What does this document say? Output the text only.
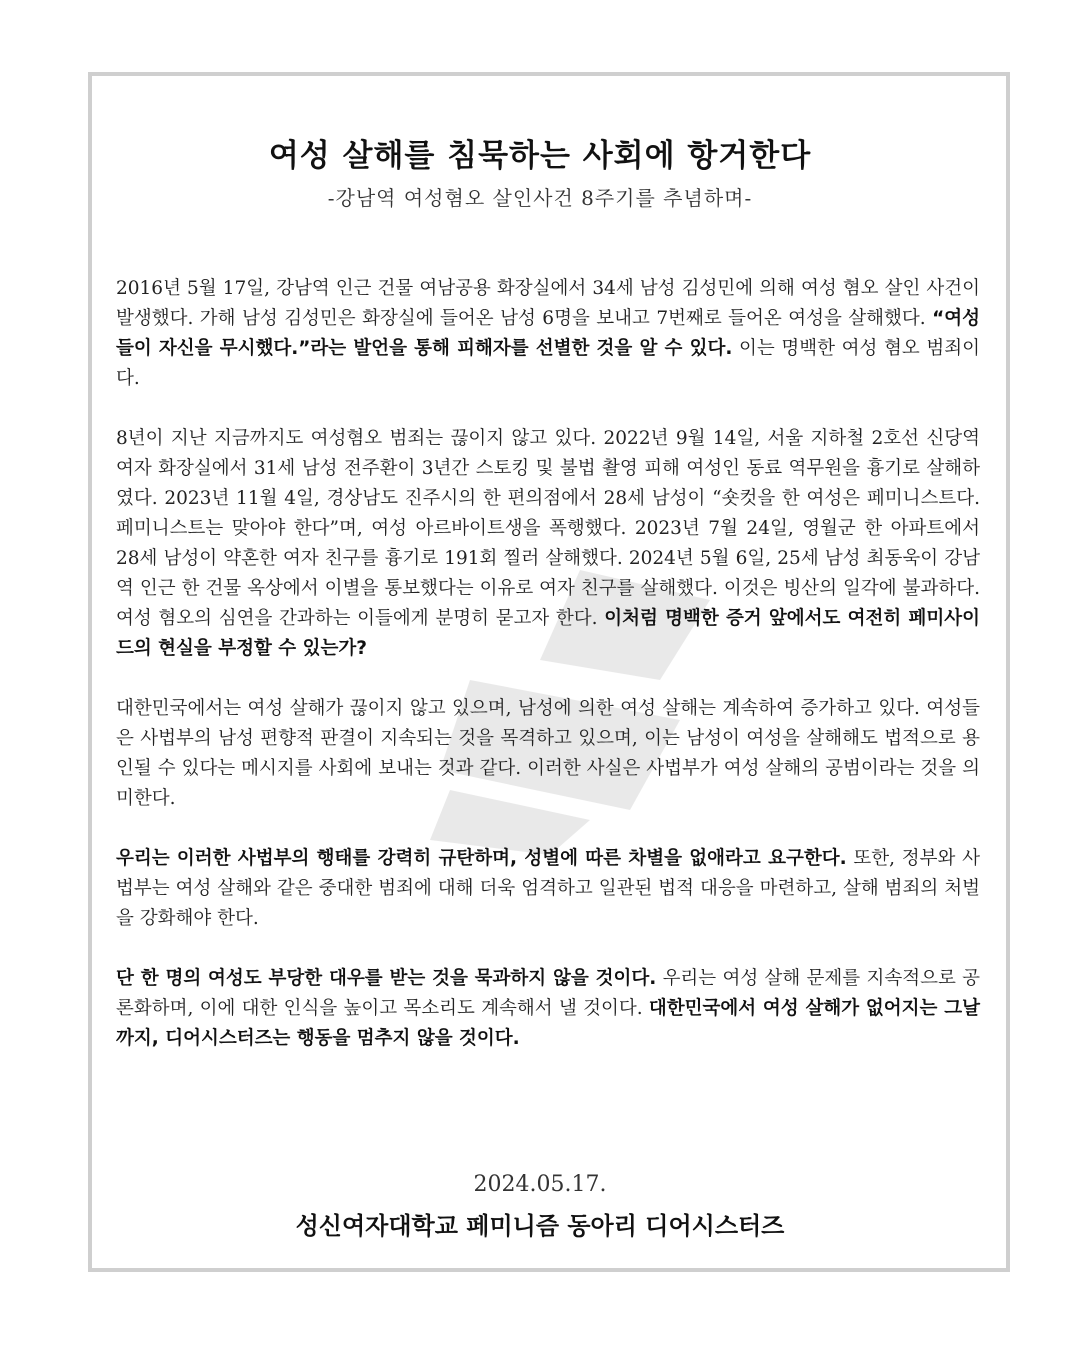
여성 살해를 침묵하는 사회에 항거한다
-강남역 여성혐오 살인사건 8주기를 추념하며-

2016년 5월 17일, 강남역 인근 건물 여남공용 화장실에서 34세 남성 김성민에 의해 여성 혐오 살인 사건이 발생했다. 가해 남성 김성민은 화장실에 들어온 남성 6명을 보내고 7번째로 들어온 여성을 살해했다. “여성들이 자신을 무시했다.”라는 발언을 통해 피해자를 선별한 것을 알 수 있다. 이는 명백한 여성 혐오 범죄이다.

8년이 지난 지금까지도 여성혐오 범죄는 끊이지 않고 있다. 2022년 9월 14일, 서울 지하철 2호선 신당역 여자 화장실에서 31세 남성 전주환이 3년간 스토킹 및 불법 촬영 피해 여성인 동료 역무원을 흉기로 살해하였다. 2023년 11월 4일, 경상남도 진주시의 한 편의점에서 28세 남성이 “숏컷을 한 여성은 페미니스트다. 페미니스트는 맞아야 한다”며, 여성 아르바이트생을 폭행했다. 2023년 7월 24일, 영월군 한 아파트에서 28세 남성이 약혼한 여자 친구를 흉기로 191회 찔러 살해했다. 2024년 5월 6일, 25세 남성 최동욱이 강남역 인근 한 건물 옥상에서 이별을 통보했다는 이유로 여자 친구를 살해했다. 이것은 빙산의 일각에 불과하다. 여성 혐오의 심연을 간과하는 이들에게 분명히 묻고자 한다. 이처럼 명백한 증거 앞에서도 여전히 페미사이드의 현실을 부정할 수 있는가?

대한민국에서는 여성 살해가 끊이지 않고 있으며, 남성에 의한 여성 살해는 계속하여 증가하고 있다. 여성들은 사법부의 남성 편향적 판결이 지속되는 것을 목격하고 있으며, 이는 남성이 여성을 살해해도 법적으로 용인될 수 있다는 메시지를 사회에 보내는 것과 같다. 이러한 사실은 사법부가 여성 살해의 공범이라는 것을 의미한다.

우리는 이러한 사법부의 행태를 강력히 규탄하며, 성별에 따른 차별을 없애라고 요구한다. 또한, 정부와 사법부는 여성 살해와 같은 중대한 범죄에 대해 더욱 엄격하고 일관된 법적 대응을 마련하고, 살해 범죄의 처벌을 강화해야 한다.

단 한 명의 여성도 부당한 대우를 받는 것을 묵과하지 않을 것이다. 우리는 여성 살해 문제를 지속적으로 공론화하며, 이에 대한 인식을 높이고 목소리도 계속해서 낼 것이다. 대한민국에서 여성 살해가 없어지는 그날까지, 디어시스터즈는 행동을 멈추지 않을 것이다.

2024.05.17.
성신여자대학교 페미니즘 동아리 디어시스터즈
